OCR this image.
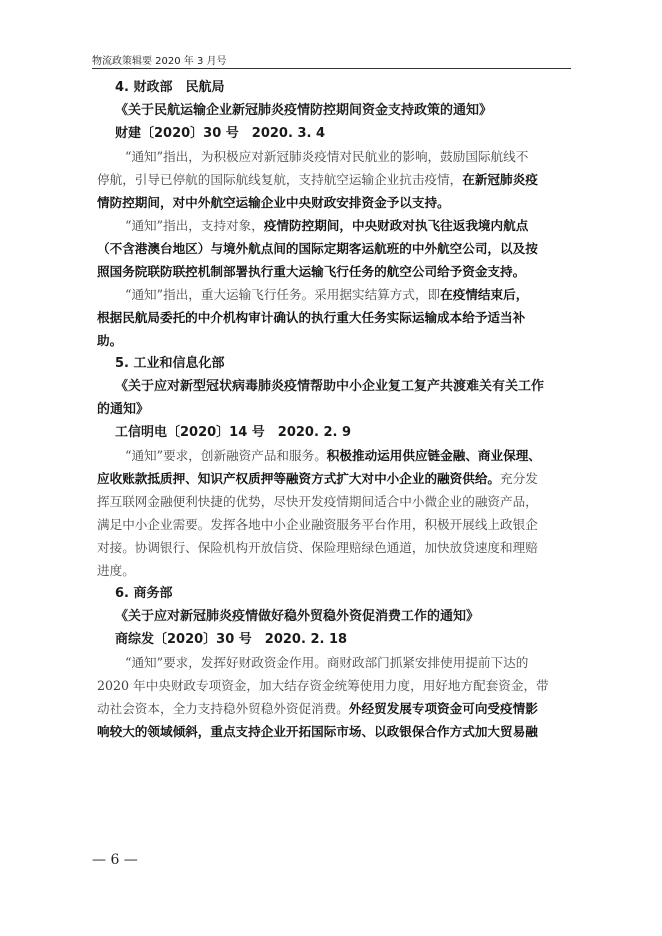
物流政策辑要 2020 年 3 月号
4. 财政部　民航局
《关于民航运输企业新冠肺炎疫情防控期间资金支持政策的通知》
财建〔2020〕30 号　2020. 3. 4
“通知”指出，为积极应对新冠肺炎疫情对民航业的影响，鼓励国际航线不
停航，引导已停航的国际航线复航，支持航空运输企业抗击疫情，在新冠肺炎疫
情防控期间，对中外航空运输企业中央财政安排资金予以支持。
“通知”指出，支持对象，疫情防控期间，中央财政对执飞往返我境内航点
（不含港澳台地区）与境外航点间的国际定期客运航班的中外航空公司，以及按
照国务院联防联控机制部署执行重大运输飞行任务的航空公司给予资金支持。
“通知”指出，重大运输飞行任务。采用据实结算方式，即在疫情结束后，
根据民航局委托的中介机构审计确认的执行重大任务实际运输成本给予适当补
助。
5. 工业和信息化部
《关于应对新型冠状病毒肺炎疫情帮助中小企业复工复产共渡难关有关工作
的通知》
工信明电〔2020〕14 号　2020. 2. 9
“通知”要求，创新融资产品和服务。积极推动运用供应链金融、商业保理、
应收账款抵质押、知识产权质押等融资方式扩大对中小企业的融资供给。充分发
挥互联网金融便利快捷的优势，尽快开发疫情期间适合中小微企业的融资产品，
满足中小企业需要。发挥各地中小企业融资服务平台作用，积极开展线上政银企
对接。协调银行、保险机构开放信贷、保险理赔绿色通道，加快放贷速度和理赔
进度。
6. 商务部
《关于应对新冠肺炎疫情做好稳外贸稳外资促消费工作的通知》
商综发〔2020〕30 号　2020. 2. 18
“通知”要求，发挥好财政资金作用。商财政部门抓紧安排使用提前下达的
2020 年中央财政专项资金，加大结存资金统筹使用力度，用好地方配套资金，带
动社会资本，全力支持稳外贸稳外资促消费。外经贸发展专项资金可向受疫情影
响较大的领域倾斜，重点支持企业开拓国际市场、以政银保合作方式加大贸易融
— 6 —
